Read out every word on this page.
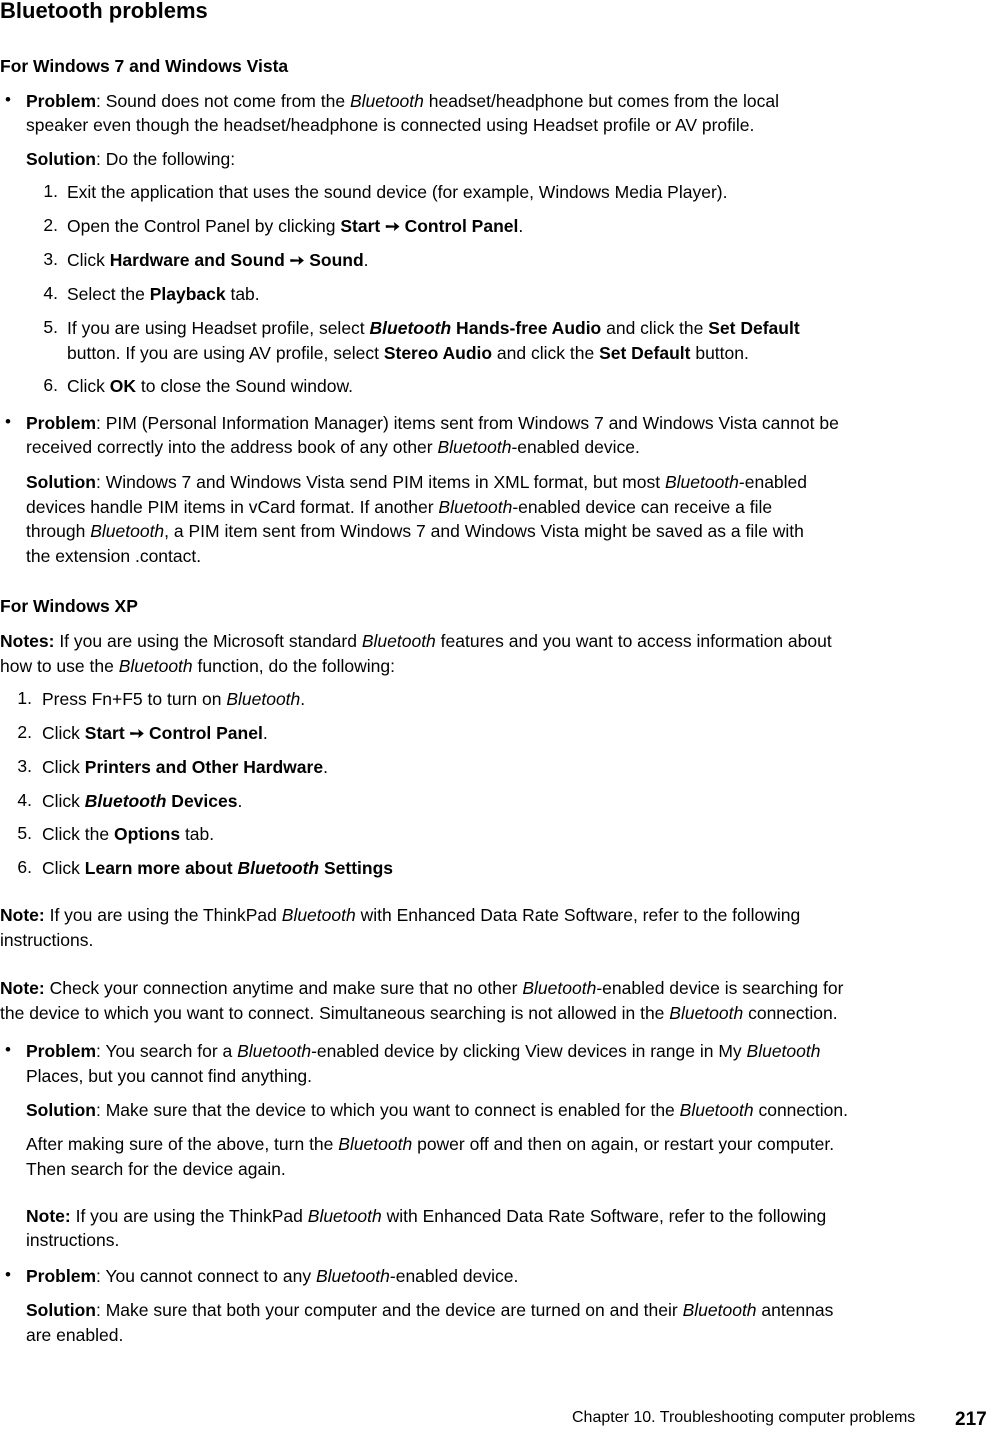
Bluetooth problems
For Windows 7 and Windows Vista
• Problem: Sound does not come from the Bluetooth headset/headphone but comes from the local
speaker even though the headset/headphone is connected using Headset profile or AV profile.
Solution: Do the following:
1. Exit the application that uses the sound device (for example, Windows Media Player).
2. Open the Control Panel by clicking Start ➙ Control Panel.
3. Click Hardware and Sound ➙ Sound.
4. Select the Playback tab.
5. If you are using Headset profile, select Bluetooth Hands-free Audio and click the Set Default
button. If you are using AV profile, select Stereo Audio and click the Set Default button.
6. Click OK to close the Sound window.
• Problem: PIM (Personal Information Manager) items sent from Windows 7 and Windows Vista cannot be
received correctly into the address book of any other Bluetooth-enabled device.
Solution: Windows 7 and Windows Vista send PIM items in XML format, but most Bluetooth-enabled
devices handle PIM items in vCard format. If another Bluetooth-enabled device can receive a file
through Bluetooth, a PIM item sent from Windows 7 and Windows Vista might be saved as a file with
the extension .contact.
For Windows XP
Notes: If you are using the Microsoft standard Bluetooth features and you want to access information about
how to use the Bluetooth function, do the following:
1. Press Fn+F5 to turn on Bluetooth.
2. Click Start ➙ Control Panel.
3. Click Printers and Other Hardware.
4. Click Bluetooth Devices.
5. Click the Options tab.
6. Click Learn more about Bluetooth Settings
Note: If you are using the ThinkPad Bluetooth with Enhanced Data Rate Software, refer to the following
instructions.
Note: Check your connection anytime and make sure that no other Bluetooth-enabled device is searching for
the device to which you want to connect. Simultaneous searching is not allowed in the Bluetooth connection.
• Problem: You search for a Bluetooth-enabled device by clicking View devices in range in My Bluetooth
Places, but you cannot find anything.
Solution: Make sure that the device to which you want to connect is enabled for the Bluetooth connection.
After making sure of the above, turn the Bluetooth power off and then on again, or restart your computer.
Then search for the device again.
Note: If you are using the ThinkPad Bluetooth with Enhanced Data Rate Software, refer to the following
instructions.
• Problem: You cannot connect to any Bluetooth-enabled device.
Solution: Make sure that both your computer and the device are turned on and their Bluetooth antennas
are enabled.
Chapter 10. Troubleshooting computer problems 217
